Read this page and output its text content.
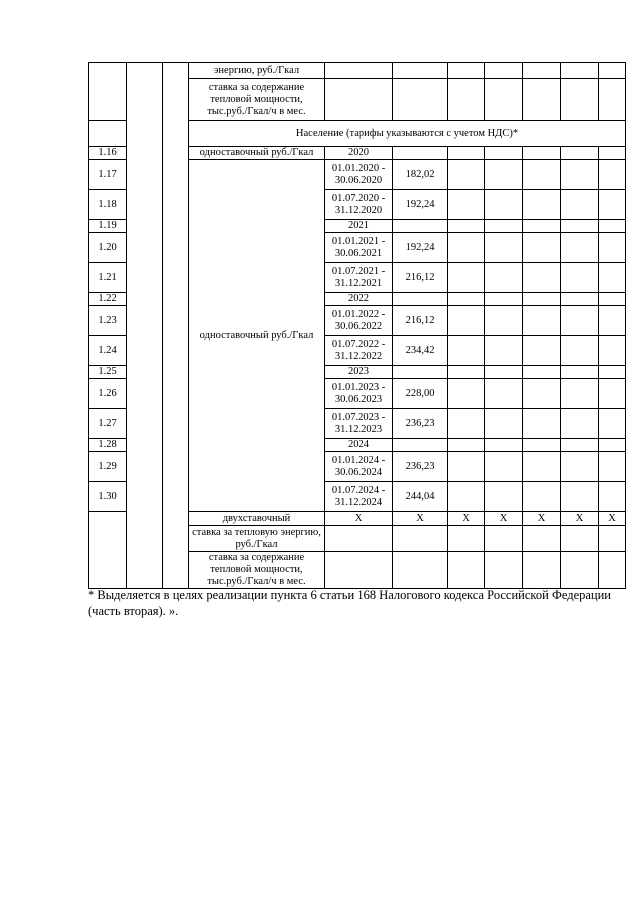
			энергию, руб./Гкал								
			ставка за содержание тепловой мощности, тыс.руб./Гкал/ч в мес.								
			Население (тарифы указываются с учетом НДС)*								
1.16			одноставочный руб./Гкал	2020							
1.17			одноставочный руб./Гкал	01.01.2020 - 30.06.2020	182,02						
1.18				01.07.2020 - 31.12.2020	192,24						
1.19				2021							
1.20				01.01.2021 - 30.06.2021	192,24						
1.21				01.07.2021 - 31.12.2021	216,12						
1.22				2022							
1.23				01.01.2022 - 30.06.2022	216,12						
1.24				01.07.2022 - 31.12.2022	234,42						
1.25				2023							
1.26				01.01.2023 - 30.06.2023	228,00						
1.27				01.07.2023 - 31.12.2023	236,23						
1.28				2024							
1.29				01.01.2024 - 30.06.2024	236,23						
1.30				01.07.2024 - 31.12.2024	244,04						
			двухставочный	X	X	X	X	X	X	X	
			ставка за тепловую энергию, руб./Гкал								
			ставка за содержание тепловой мощности, тыс.руб./Гкал/ч в мес.								
* Выделяется в целях реализации пункта 6 статьи 168 Налогового кодекса Российской Федерации (часть вторая). ».
